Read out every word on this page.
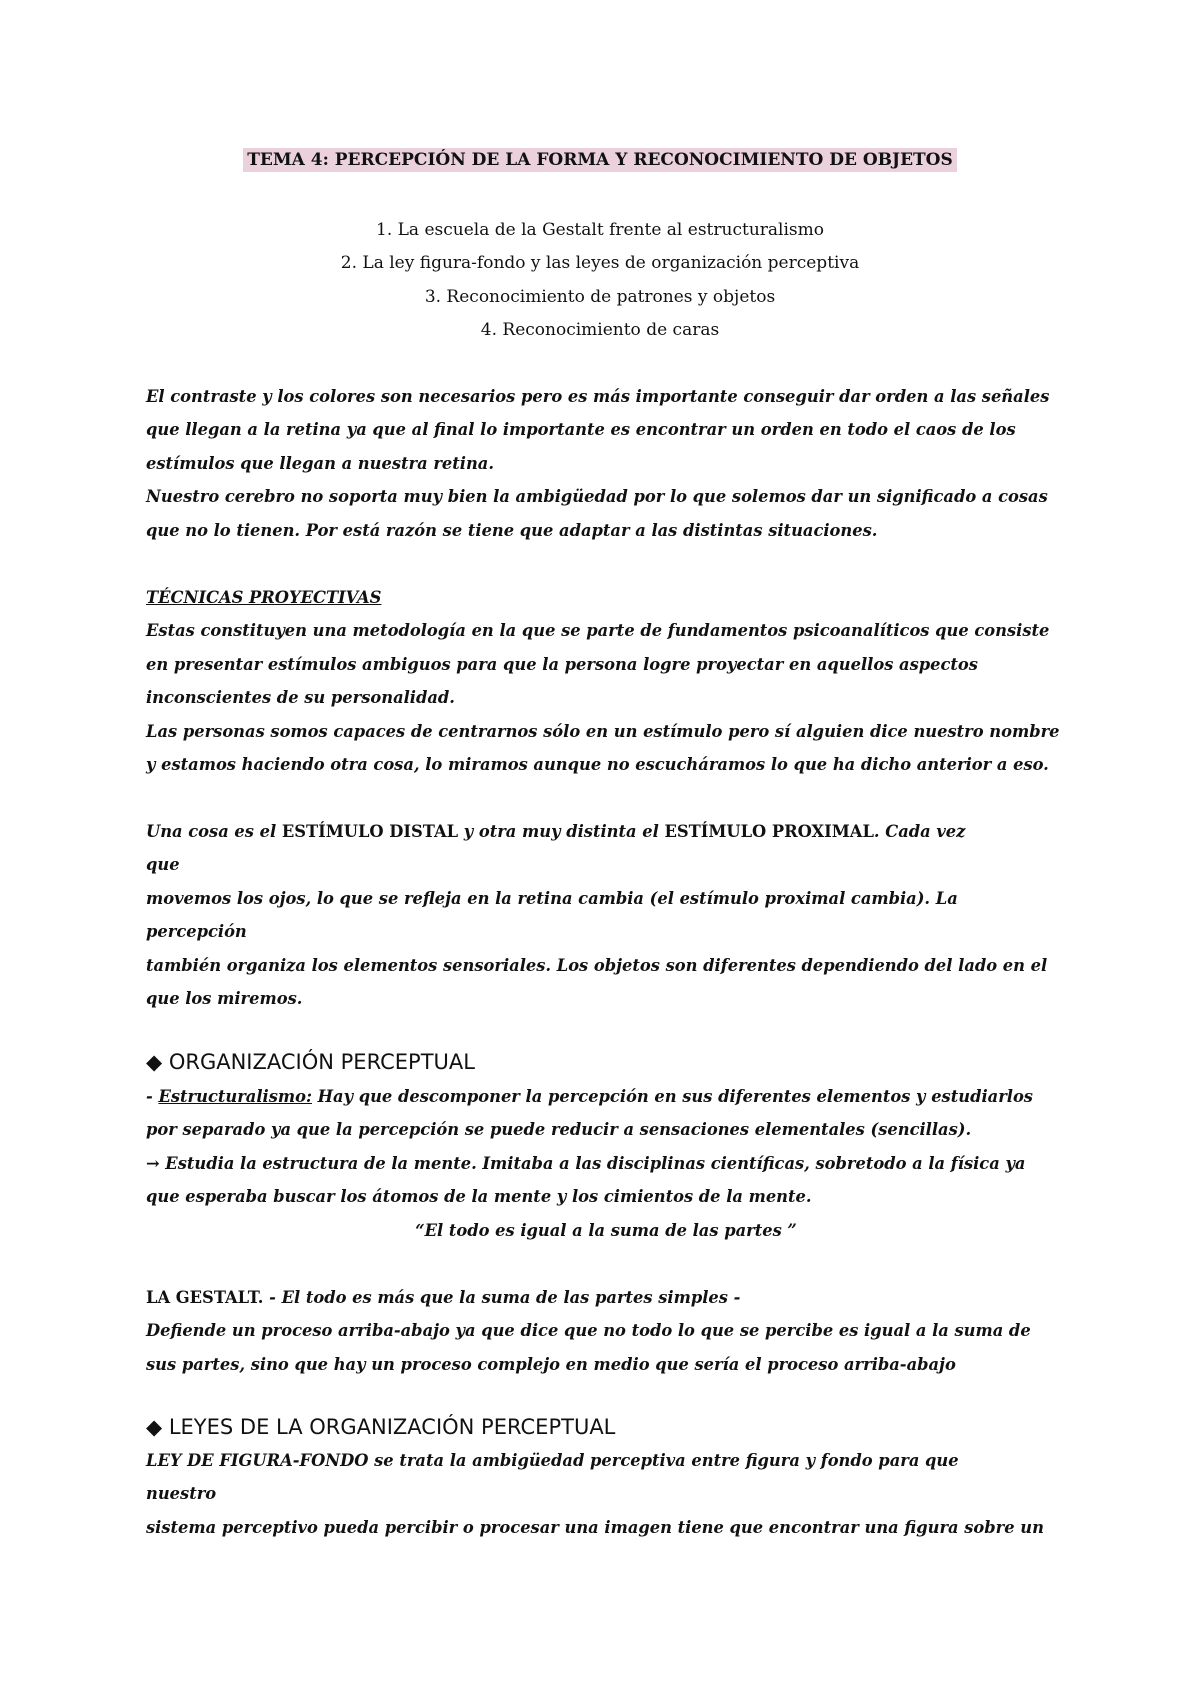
TEMA 4: PERCEPCIÓN DE LA FORMA Y RECONOCIMIENTO DE OBJETOS
1. La escuela de la Gestalt frente al estructuralismo
2. La ley figura-fondo y las leyes de organización perceptiva
3. Reconocimiento de patrones y objetos
4. Reconocimiento de caras
El contraste y los colores son necesarios pero es más importante conseguir dar orden a las señales
que llegan a la retina ya que al final lo importante es encontrar un orden en todo el caos de los
estímulos que llegan a nuestra retina.
Nuestro cerebro no soporta muy bien la ambigüedad por lo que solemos dar un significado a cosas
que no lo tienen. Por está razón se tiene que adaptar a las distintas situaciones.
TÉCNICAS PROYECTIVAS
Estas constituyen una metodología en la que se parte de fundamentos psicoanalíticos que consiste
en presentar estímulos ambiguos para que la persona logre proyectar en aquellos aspectos
inconscientes de su personalidad.
Las personas somos capaces de centrarnos sólo en un estímulo pero sí alguien dice nuestro nombre
y estamos haciendo otra cosa, lo miramos aunque no escucháramos lo que ha dicho anterior a eso.
Una cosa es el ESTÍMULO DISTAL y otra muy distinta el ESTÍMULO PROXIMAL. Cada vez
que
movemos los ojos, lo que se refleja en la retina cambia (el estímulo proximal cambia). La
percepción
también organiza los elementos sensoriales. Los objetos son diferentes dependiendo del lado en el
que los miremos.
◆ ORGANIZACIÓN PERCEPTUAL
- Estructuralismo: Hay que descomponer la percepción en sus diferentes elementos y estudiarlos
por separado ya que la percepción se puede reducir a sensaciones elementales (sencillas).
→ Estudia la estructura de la mente. Imitaba a las disciplinas científicas, sobretodo a la física ya
que esperaba buscar los átomos de la mente y los cimientos de la mente.
“El todo es igual a la suma de las partes ”
LA GESTALT. - El todo es más que la suma de las partes simples -
Defiende un proceso arriba-abajo ya que dice que no todo lo que se percibe es igual a la suma de
sus partes, sino que hay un proceso complejo en medio que sería el proceso arriba-abajo
◆ LEYES DE LA ORGANIZACIÓN PERCEPTUAL
LEY DE FIGURA-FONDO se trata la ambigüedad perceptiva entre figura y fondo para que
nuestro
sistema perceptivo pueda percibir o procesar una imagen tiene que encontrar una figura sobre un
